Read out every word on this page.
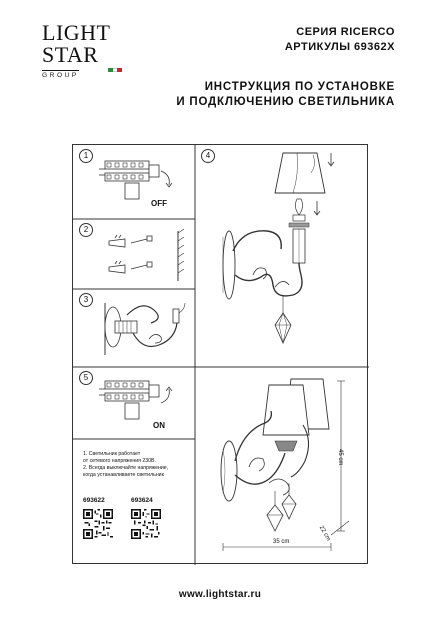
LIGHT
STAR
GROUP
СЕРИЯ RICERCO
АРТИКУЛЫ 69362X
ИНСТРУКЦИЯ ПО УСТАНОВКЕ
И ПОДКЛЮЧЕНИЮ СВЕТИЛЬНИКА
1
OFF
2
3
4
5
ON
1. Светильник работает
от сетевого напряжения 230В.
2. Всегда выключайте напряжение,
когда устанавливаете светильник
693622	693624
45 cm
35 cm	22 cm
www.lightstar.ru
